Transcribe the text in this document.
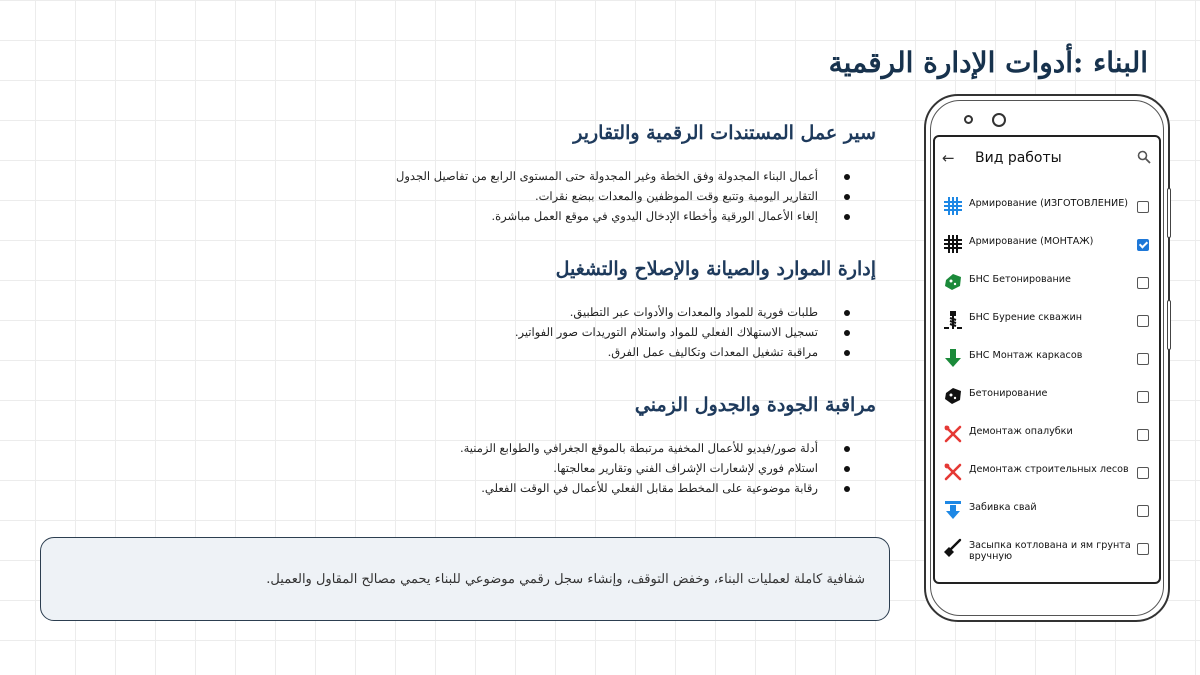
البناء :أدوات الإدارة الرقمية
سير عمل المستندات الرقمية والتقارير
أعمال البناء المجدولة وفق الخطة وغير المجدولة حتى المستوى الرابع من تفاصيل الجدول
التقارير اليومية وتتبع وقت الموظفين والمعدات ببضع نقرات.
إلغاء الأعمال الورقية وأخطاء الإدخال اليدوي في موقع العمل مباشرة.
إدارة الموارد والصيانة والإصلاح والتشغيل
طلبات فورية للمواد والمعدات والأدوات عبر التطبيق.
تسجيل الاستهلاك الفعلي للمواد واستلام التوريدات صور الفواتير.
مراقبة تشغيل المعدات وتكاليف عمل الفرق.
مراقبة الجودة والجدول الزمني
أدلة صور/فيديو للأعمال المخفية مرتبطة بالموقع الجغرافي والطوابع الزمنية.
استلام فوري لإشعارات الإشراف الفني وتقارير معالجتها.
رقابة موضوعية على المخطط مقابل الفعلي للأعمال في الوقت الفعلي.
شفافية كاملة لعمليات البناء، وخفض التوقف، وإنشاء سجل رقمي موضوعي للبناء يحمي مصالح المقاول والعميل.
← Вид работы
Армирование (ИЗГОТОВЛЕНИЕ)
Армирование (МОНТАЖ)
БНС Бетонирование
БНС Бурение скважин
БНС Монтаж каркасов
Бетонирование
Демонтаж опалубки
Демонтаж строительных лесов
Забивка свай
Засыпка котлована и ям грунта вручную
